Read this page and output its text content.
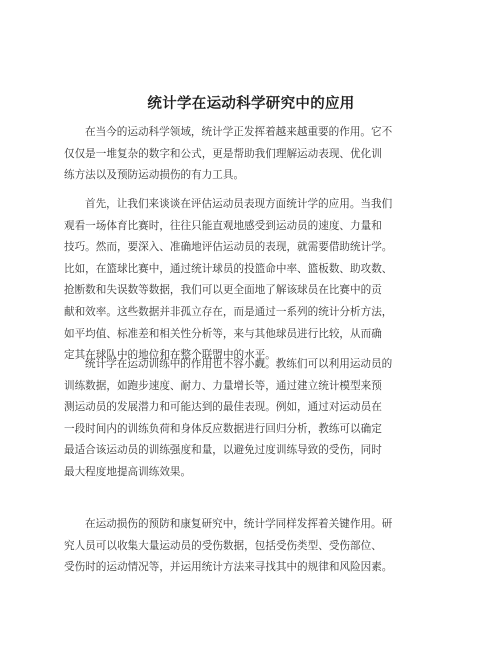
统计学在运动科学研究中的应用
在当今的运动科学领域，统计学正发挥着越来越重要的作用。它不
仅仅是一堆复杂的数字和公式，更是帮助我们理解运动表现、优化训
练方法以及预防运动损伤的有力工具。
首先，让我们来谈谈在评估运动员表现方面统计学的应用。当我们
观看一场体育比赛时，往往只能直观地感受到运动员的速度、力量和
技巧。然而，要深入、准确地评估运动员的表现，就需要借助统计学。
比如，在篮球比赛中，通过统计球员的投篮命中率、篮板数、助攻数、
抢断数和失误数等数据，我们可以更全面地了解该球员在比赛中的贡
献和效率。这些数据并非孤立存在，而是通过一系列的统计分析方法，
如平均值、标准差和相关性分析等，来与其他球员进行比较，从而确
定其在球队中的地位和在整个联盟中的水平。
统计学在运动训练中的作用也不容小觑。教练们可以利用运动员的
训练数据，如跑步速度、耐力、力量增长等，通过建立统计模型来预
测运动员的发展潜力和可能达到的最佳表现。例如，通过对运动员在
一段时间内的训练负荷和身体反应数据进行回归分析，教练可以确定
最适合该运动员的训练强度和量，以避免过度训练导致的受伤，同时
最大程度地提高训练效果。
在运动损伤的预防和康复研究中，统计学同样发挥着关键作用。研
究人员可以收集大量运动员的受伤数据，包括受伤类型、受伤部位、
受伤时的运动情况等，并运用统计方法来寻找其中的规律和风险因素。
